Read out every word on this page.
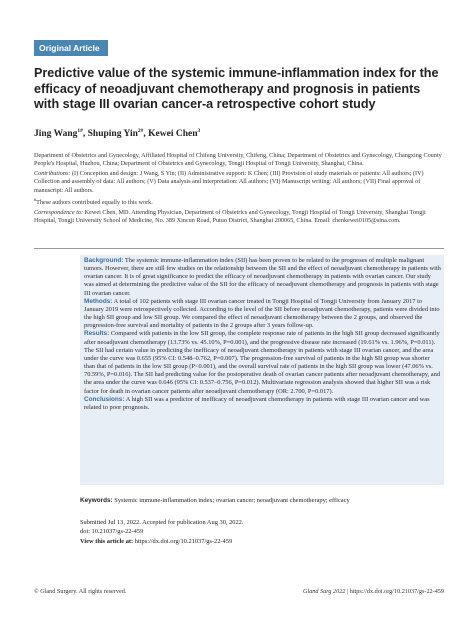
Original Article
Predictive value of the systemic immune-inflammation index for the efficacy of neoadjuvant chemotherapy and prognosis in patients with stage III ovarian cancer-a retrospective cohort study

Jing Wang$^{1\#}$, Shuping Yin$^{2\#}$, Kewei Chen$^3$

Department of Obstetrics and Gynecology, Affiliated Hospital of Chifeng University, Chifeng, China; Department of Obstetrics and Gynecology, Changxing County People's Hospital, Huzhou, China; Department of Obstetrics and Gynecology, Tongji Hospital of Tongji University, Shanghai, China.

Contributions: (I) Conception and design: J Wang, S Yin; (II) Administrative support: K Chen; (III) Provision of study materials or patients: All authors; (IV) Collection and assembly of data: All authors; (V) Data analysis and interpretation: All authors; (VI) Manuscript writing: All authors; (VII) Final approval of manuscript: All authors.

#These authors contributed equally to this work.

Correspondence to: Kewei Chen, MD. Attending Physician, Department of Obstetrics and Gynecology, Tongji Hospital of Tongji University, Shanghai Tongji Hospital, Tongji University School of Medicine, No. 389 Xincun Road, Putuo District, Shanghai 200065, China. Email: chenkewei0105@sina.com.

Background: The systemic immune-inflammation index (SII) has been proven to be related to the prognoses of multiple malignant tumors. However, there are still few studies on the relationship between the SII and the effect of neoadjuvant chemotherapy in patients with ovarian cancer. It is of great significance to predict the efficacy of neoadjuvant chemotherapy in patients with ovarian cancer. Our study was aimed at determining the predictive value of the SII for the efficacy of neoadjuvant chemotherapy and prognosis in patients with stage III ovarian cancer.

Methods: A total of 102 patients with stage III ovarian cancer treated in Tongji Hospital of Tongji University from January 2017 to January 2019 were retrospectively collected. According to the level of the SII before neoadjuvant chemotherapy, patients were divided into the high SII group and low SII group. We compared the effect of neoadjuvant chemotherapy between the 2 groups, and observed the progression-free survival and mortality of patients in the 2 groups after 3 years follow-up.

Results: Compared with patients in the low SII group, the complete response rate of patients in the high SII group decreased significantly after neoadjuvant chemotherapy (13.73% vs. 45.10%, P=0.001), and the progressive disease rate increased (19.61% vs. 1.96%, P=0.011). The SII had certain value in predicting the inefficacy of neoadjuvant chemotherapy in patients with stage III ovarian cancer, and the area under the curve was 0.655 (95% CI: 0.548–0.762, P=0.007). The progression-free survival of patients in the high SII group was shorter than that of patients in the low SII group (P<0.001), and the overall survival rate of patients in the high SII group was lower (47.06% vs. 70.59%, P=0.016). The SII had predicting value for the postoperative death of ovarian cancer patients after neoadjuvant chemotherapy, and the area under the curve was 0.646 (95% CI: 0.537–0.756, P=0.012). Multivariate regression analysis showed that higher SII was a risk factor for death in ovarian cancer patients after neoadjuvant chemotherapy (OR: 2.700, P=0.017).

Conclusions: A high SII was a predictor of inefficacy of neoadjuvant chemotherapy in patients with stage III ovarian cancer and was related to poor prognosis.

Keywords: Systemic immune-inflammation index; ovarian cancer; neoadjuvant chemotherapy; efficacy

Submitted Jul 13, 2022. Accepted for publication Aug 30, 2022.

doi: 10.21037/gs-22-459

View this article at: https://dx.doi.org/10.21037/gs-22-459

© Gland Surgery. All rights reserved.	Gland Surg 2022 | https://dx.doi.org/10.21037/gs-22-459
